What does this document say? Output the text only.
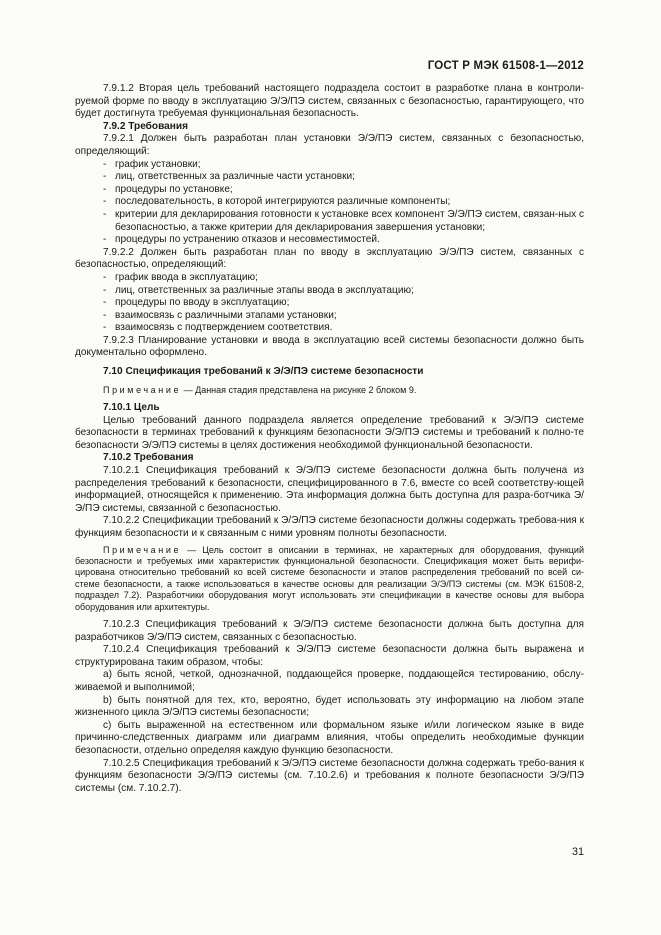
ГОСТ Р МЭК 61508-1—2012

7.9.1.2 Вторая цель требований настоящего подраздела состоит в разработке плана в контроли-руемой форме по вводу в эксплуатацию Э/Э/ПЭ систем, связанных с безопасностью, гарантирующего, что будет достигнута требуемая функциональная безопасность.

7.9.2 Требования

7.9.2.1 Должен быть разработан план установки Э/Э/ПЭ систем, связанных с безопасностью, определяющий:

- график установки;
- лиц, ответственных за различные части установки;
- процедуры по установке;
- последовательность, в которой интегрируются различные компоненты;
- критерии для декларирования готовности к установке всех компонент Э/Э/ПЭ систем, связан-ных с безопасностью, а также критерии для декларирования завершения установки;
- процедуры по устранению отказов и несовместимостей.

7.9.2.2 Должен быть разработан план по вводу в эксплуатацию Э/Э/ПЭ систем, связанных с безопасностью, определяющий:

- график ввода в эксплуатацию;
- лиц, ответственных за различные этапы ввода в эксплуатацию;
- процедуры по вводу в эксплуатацию;
- взаимосвязь с различными этапами установки;
- взаимосвязь с подтверждением соответствия.

7.9.2.3 Планирование установки и ввода в эксплуатацию всей системы безопасности должно быть документально оформлено.

7.10 Спецификация требований к Э/Э/ПЭ системе безопасности

Примечание — Данная стадия представлена на рисунке 2 блоком 9.

7.10.1 Цель

Целью требований данного подраздела является определение требований к Э/Э/ПЭ системе безопасности в терминах требований к функциям безопасности Э/Э/ПЭ системы и требований к полно-те безопасности Э/Э/ПЭ системы в целях достижения необходимой функциональной безопасности.

7.10.2 Требования

7.10.2.1 Спецификация требований к Э/Э/ПЭ системе безопасности должна быть получена из распределения требований к безопасности, специфицированного в 7.6, вместе со всей соответству-ющей информацией, относящейся к применению. Эта информация должна быть доступна для разра-ботчика Э/Э/ПЭ системы, связанной с безопасностью.

7.10.2.2 Спецификации требований к Э/Э/ПЭ системе безопасности должны содержать требова-ния к функциям безопасности и к связанным с ними уровням полноты безопасности.

Примечание — Цель состоит в описании в терминах, не характерных для оборудования, функций безопасности и требуемых ими характеристик функциональной безопасности. Спецификация может быть верифи-цирована относительно требований ко всей системе безопасности и этапов распределения требований по всей си-стеме безопасности, а также использоваться в качестве основы для реализации Э/Э/ПЭ системы (см. МЭК 61508-2, подраздел 7.2). Разработчики оборудования могут использовать эти спецификации в качестве основы для выбора оборудования или архитектуры.

7.10.2.3 Спецификация требований к Э/Э/ПЭ системе безопасности должна быть доступна для разработчиков Э/Э/ПЭ систем, связанных с безопасностью.

7.10.2.4 Спецификация требований к Э/Э/ПЭ системе безопасности должна быть выражена и структурирована таким образом, чтобы:

a) быть ясной, четкой, однозначной, поддающейся проверке, поддающейся тестированию, обслу-живаемой и выполнимой;

b) быть понятной для тех, кто, вероятно, будет использовать эту информацию на любом этапе жизненного цикла Э/Э/ПЭ системы безопасности;

c) быть выраженной на естественном или формальном языке и/или логическом языке в виде причинно-следственных диаграмм или диаграмм влияния, чтобы определить необходимые функции безопасности, отдельно определяя каждую функцию безопасности.

7.10.2.5 Спецификация требований к Э/Э/ПЭ системе безопасности должна содержать требо-вания к функциям безопасности Э/Э/ПЭ системы (см. 7.10.2.6) и требования к полноте безопасности Э/Э/ПЭ системы (см. 7.10.2.7).

31
